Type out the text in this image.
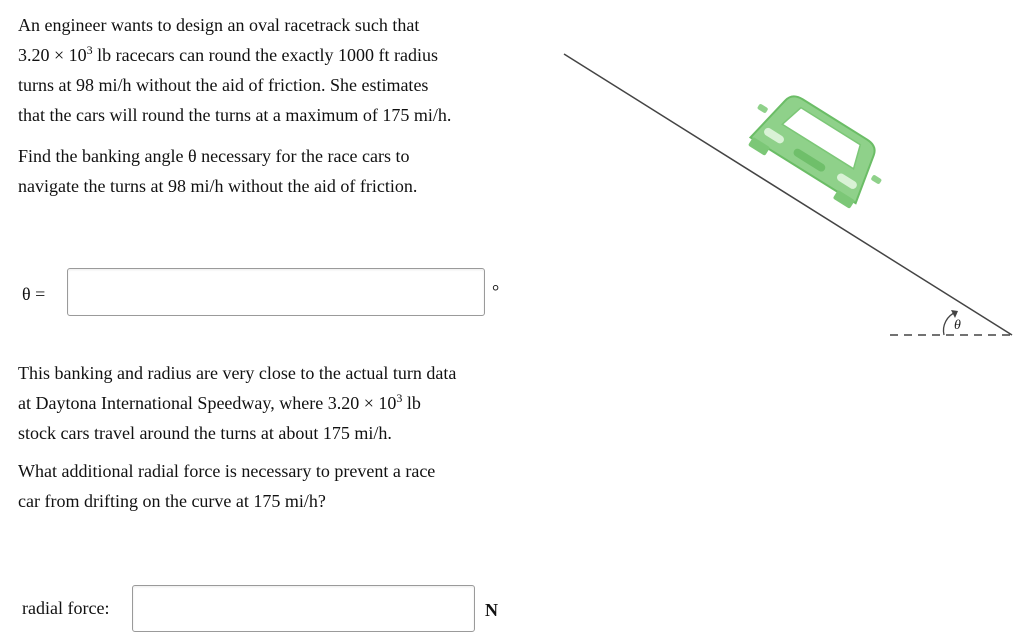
An engineer wants to design an oval racetrack such that
$3.20 \times 10^3$ lb racecars can round the exactly 1000 ft radius
turns at 98 mi/h without the aid of friction. She estimates
that the cars will round the turns at a maximum of 175 mi/h.
Find the banking angle θ necessary for the race cars to
navigate the turns at 98 mi/h without the aid of friction.
θ =	°
This banking and radius are very close to the actual turn data
at Daytona International Speedway, where $3.20 \times 10^3$ lb
stock cars travel around the turns at about 175 mi/h.
What additional radial force is necessary to prevent a race
car from drifting on the curve at 175 mi/h?
radial force:	N
θ
